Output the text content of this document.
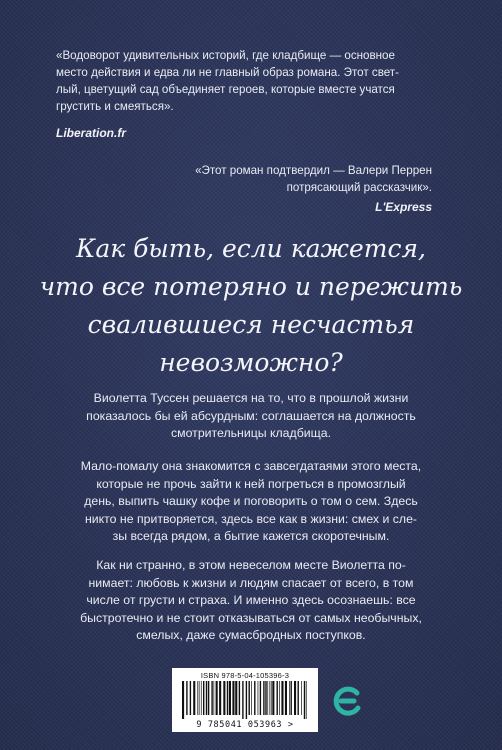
«Водоворот удивительных историй, где кладбище — основное
место действия и едва ли не главный образ романа. Этот свет-
лый, цветущий сад объединяет героев, которые вместе учатся
грустить и смеяться».
Liberation.fr
«Этот роман подтвердил — Валери Перрен
потрясающий рассказчик».
L'Express
Как быть, если кажется,
что все потеряно и пережить
свалившиеся несчастья
невозможно?
Виолетта Туссен решается на то, что в прошлой жизни
показалось бы ей абсурдным: соглашается на должность
смотрительницы кладбища.
Мало-помалу она знакомится с завсегдатаями этого места,
которые не прочь зайти к ней погреться в промозглый
день, выпить чашку кофе и поговорить о том о сем. Здесь
никто не притворяется, здесь все как в жизни: смех и сле-
зы всегда рядом, а бытие кажется скоротечным.
Как ни странно, в этом невеселом месте Виолетта по-
нимает: любовь к жизни и людям спасает от всего, в том
числе от грусти и страха. И именно здесь осознаешь: все
быстротечно и не стоит отказываться от самых необычных,
смелых, даже сумасбродных поступков.
ISBN 978-5-04-105396-3
9 785041 053963 >
